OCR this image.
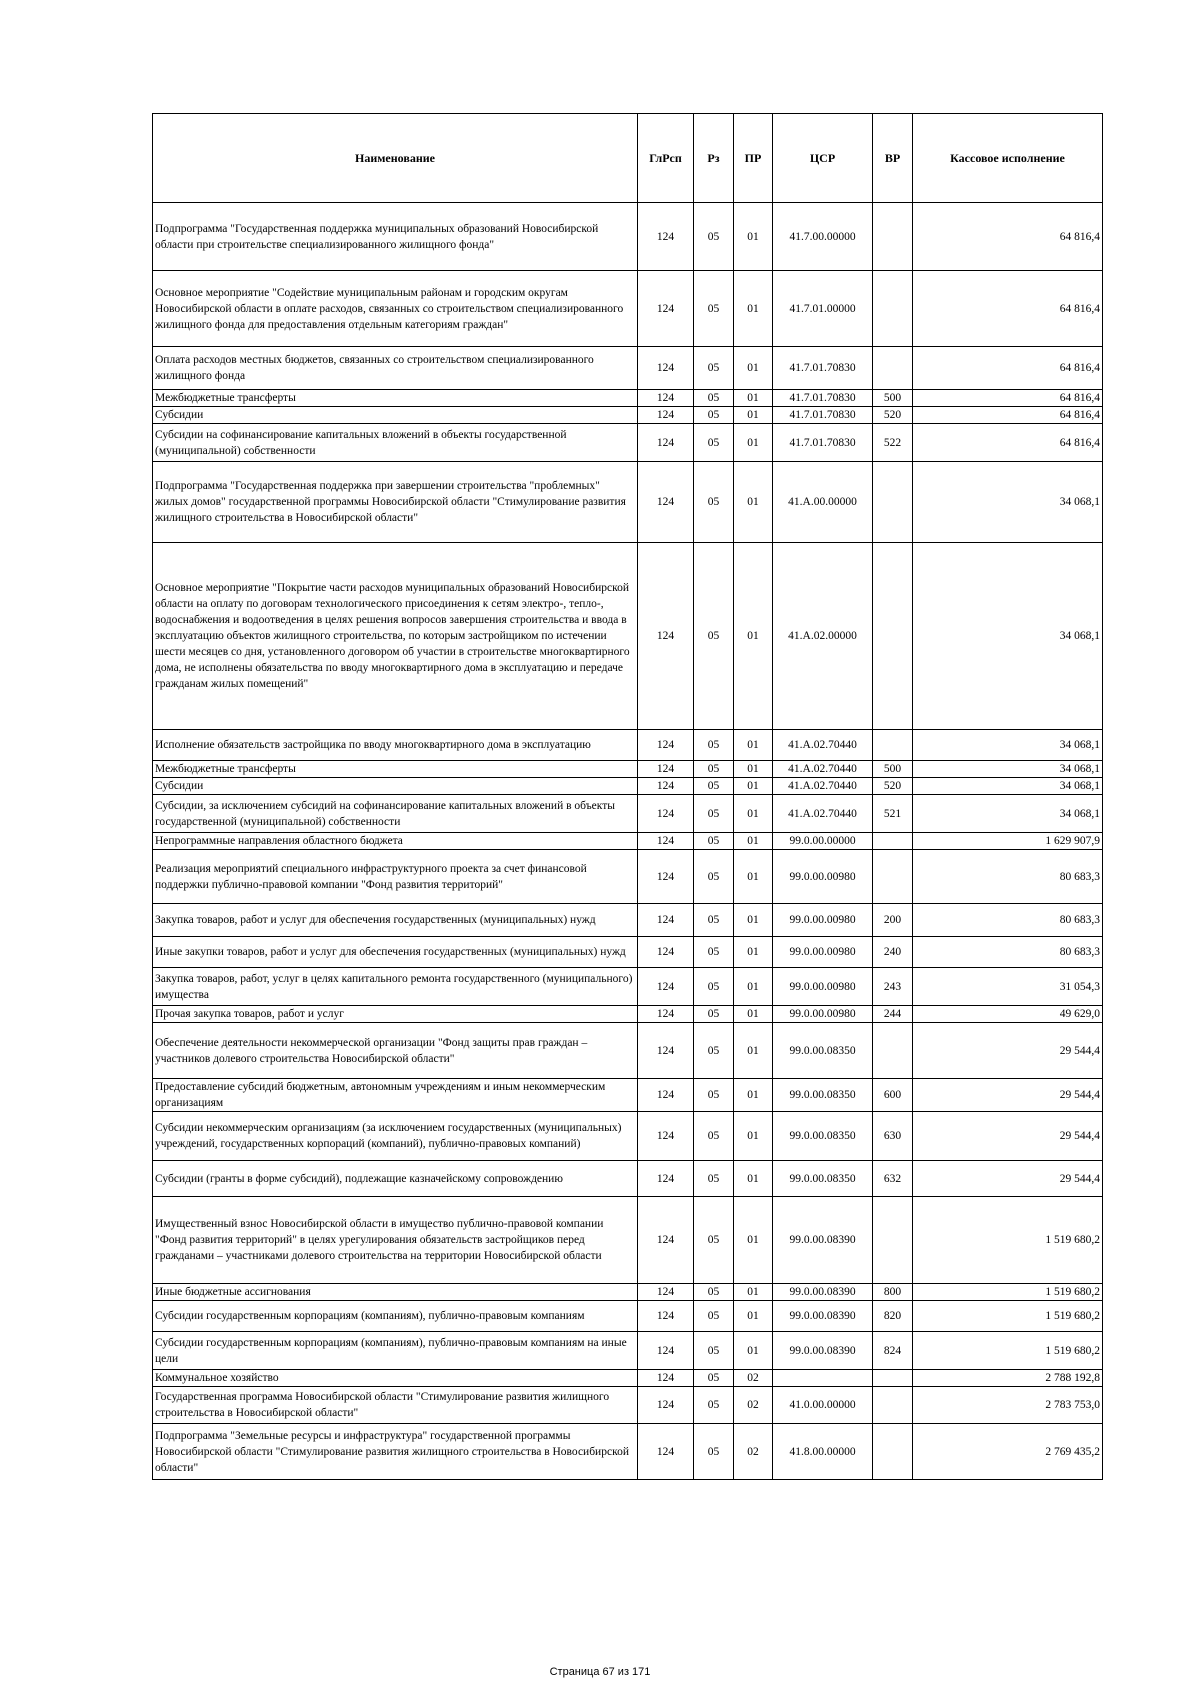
Наименование	ГлРсп	Рз	ПР	ЦСР	ВР	Кассовое исполнение
Подпрограмма "Государственная поддержка муниципальных образований Новосибирской области при строительстве специализированного жилищного фонда"	124	05	01	41.7.00.00000		64 816,4
Основное мероприятие "Содействие муниципальным районам и городским округам Новосибирской области в оплате расходов, связанных со строительством специализированного жилищного фонда для предоставления отдельным категориям граждан"	124	05	01	41.7.01.00000		64 816,4
Оплата расходов местных бюджетов, связанных со строительством специализированного жилищного фонда	124	05	01	41.7.01.70830		64 816,4
Межбюджетные трансферты	124	05	01	41.7.01.70830	500	64 816,4
Субсидии	124	05	01	41.7.01.70830	520	64 816,4
Субсидии на софинансирование капитальных вложений в объекты государственной (муниципальной) собственности	124	05	01	41.7.01.70830	522	64 816,4
Подпрограмма "Государственная поддержка при завершении строительства "проблемных" жилых домов" государственной программы Новосибирской области "Стимулирование развития жилищного строительства в Новосибирской области"	124	05	01	41.А.00.00000		34 068,1
Основное мероприятие "Покрытие части расходов муниципальных образований Новосибирской области на оплату по договорам технологического присоединения к сетям электро-, тепло-, водоснабжения и водоотведения в целях решения вопросов завершения строительства и ввода в эксплуатацию объектов жилищного строительства, по которым застройщиком по истечении шести месяцев со дня, установленного договором об участии в строительстве многоквартирного дома, не исполнены обязательства по вводу многоквартирного дома в эксплуатацию и передаче гражданам жилых помещений"	124	05	01	41.А.02.00000		34 068,1
Исполнение обязательств застройщика по вводу многоквартирного дома в эксплуатацию	124	05	01	41.А.02.70440		34 068,1
Межбюджетные трансферты	124	05	01	41.А.02.70440	500	34 068,1
Субсидии	124	05	01	41.А.02.70440	520	34 068,1
Субсидии, за исключением субсидий на софинансирование капитальных вложений в объекты государственной (муниципальной) собственности	124	05	01	41.А.02.70440	521	34 068,1
Непрограммные направления областного бюджета	124	05	01	99.0.00.00000		1 629 907,9
Реализация мероприятий специального инфраструктурного проекта за счет финансовой поддержки публично-правовой компании "Фонд развития территорий"	124	05	01	99.0.00.00980		80 683,3
Закупка товаров, работ и услуг для обеспечения государственных (муниципальных) нужд	124	05	01	99.0.00.00980	200	80 683,3
Иные закупки товаров, работ и услуг для обеспечения государственных (муниципальных) нужд	124	05	01	99.0.00.00980	240	80 683,3
Закупка товаров, работ, услуг в целях капитального ремонта государственного (муниципального) имущества	124	05	01	99.0.00.00980	243	31 054,3
Прочая закупка товаров, работ и услуг	124	05	01	99.0.00.00980	244	49 629,0
Обеспечение деятельности некоммерческой организации "Фонд защиты прав граждан – участников долевого строительства Новосибирской области"	124	05	01	99.0.00.08350		29 544,4
Предоставление субсидий бюджетным, автономным учреждениям и иным некоммерческим организациям	124	05	01	99.0.00.08350	600	29 544,4
Субсидии некоммерческим организациям (за исключением государственных (муниципальных) учреждений, государственных корпораций (компаний), публично-правовых компаний)	124	05	01	99.0.00.08350	630	29 544,4
Субсидии (гранты в форме субсидий), подлежащие казначейскому сопровождению	124	05	01	99.0.00.08350	632	29 544,4
Имущественный взнос Новосибирской области в имущество публично-правовой компании "Фонд развития территорий" в целях урегулирования обязательств застройщиков перед гражданами – участниками долевого строительства на территории Новосибирской области	124	05	01	99.0.00.08390		1 519 680,2
Иные бюджетные ассигнования	124	05	01	99.0.00.08390	800	1 519 680,2
Субсидии государственным корпорациям (компаниям), публично-правовым компаниям	124	05	01	99.0.00.08390	820	1 519 680,2
Субсидии государственным корпорациям (компаниям), публично-правовым компаниям на иные цели	124	05	01	99.0.00.08390	824	1 519 680,2
Коммунальное хозяйство	124	05	02			2 788 192,8
Государственная программа Новосибирской области "Стимулирование развития жилищного строительства в Новосибирской области"	124	05	02	41.0.00.00000		2 783 753,0
Подпрограмма "Земельные ресурсы и инфраструктура" государственной программы Новосибирской области "Стимулирование развития жилищного строительства в Новосибирской области"	124	05	02	41.8.00.00000		2 769 435,2
Страница 67 из 171
